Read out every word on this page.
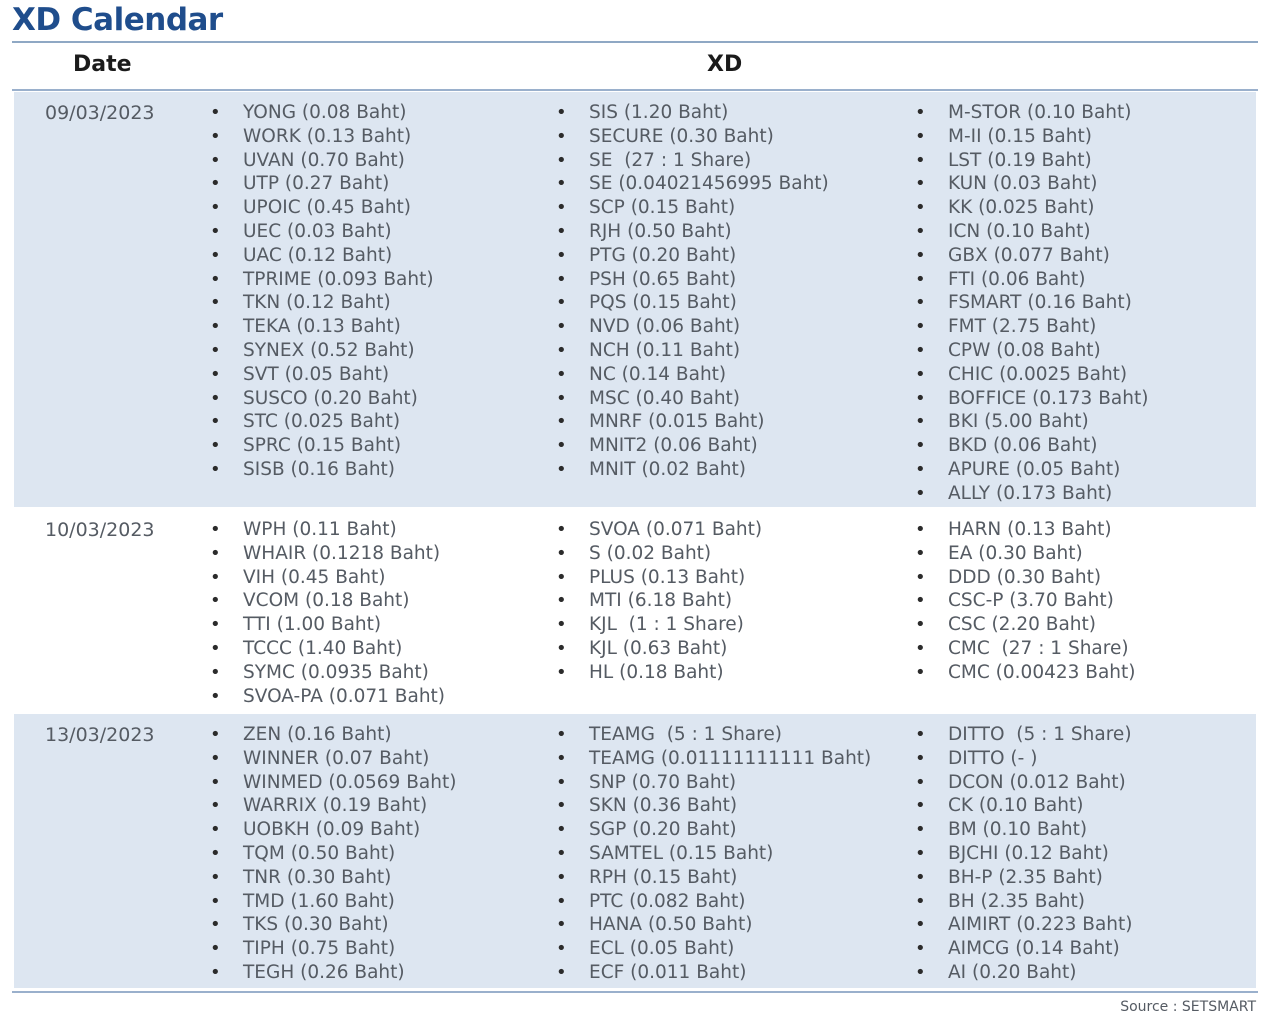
XD Calendar
Date	XD
09/03/2023	• YONG (0.08 Baht)
• WORK (0.13 Baht)
• UVAN (0.70 Baht)
• UTP (0.27 Baht)
• UPOIC (0.45 Baht)
• UEC (0.03 Baht)
• UAC (0.12 Baht)
• TPRIME (0.093 Baht)
• TKN (0.12 Baht)
• TEKA (0.13 Baht)
• SYNEX (0.52 Baht)
• SVT (0.05 Baht)
• SUSCO (0.20 Baht)
• STC (0.025 Baht)
• SPRC (0.15 Baht)
• SISB (0.16 Baht)
• SIS (1.20 Baht)
• SECURE (0.30 Baht)
• SE  (27 : 1 Share)
• SE (0.04021456995 Baht)
• SCP (0.15 Baht)
• RJH (0.50 Baht)
• PTG (0.20 Baht)
• PSH (0.65 Baht)
• PQS (0.15 Baht)
• NVD (0.06 Baht)
• NCH (0.11 Baht)
• NC (0.14 Baht)
• MSC (0.40 Baht)
• MNRF (0.015 Baht)
• MNIT2 (0.06 Baht)
• MNIT (0.02 Baht)
• M-STOR (0.10 Baht)
• M-II (0.15 Baht)
• LST (0.19 Baht)
• KUN (0.03 Baht)
• KK (0.025 Baht)
• ICN (0.10 Baht)
• GBX (0.077 Baht)
• FTI (0.06 Baht)
• FSMART (0.16 Baht)
• FMT (2.75 Baht)
• CPW (0.08 Baht)
• CHIC (0.0025 Baht)
• BOFFICE (0.173 Baht)
• BKI (5.00 Baht)
• BKD (0.06 Baht)
• APURE (0.05 Baht)
• ALLY (0.173 Baht)
10/03/2023	• WPH (0.11 Baht)
• WHAIR (0.1218 Baht)
• VIH (0.45 Baht)
• VCOM (0.18 Baht)
• TTI (1.00 Baht)
• TCCC (1.40 Baht)
• SYMC (0.0935 Baht)
• SVOA-PA (0.071 Baht)
• SVOA (0.071 Baht)
• S (0.02 Baht)
• PLUS (0.13 Baht)
• MTI (6.18 Baht)
• KJL  (1 : 1 Share)
• KJL (0.63 Baht)
• HL (0.18 Baht)
• HARN (0.13 Baht)
• EA (0.30 Baht)
• DDD (0.30 Baht)
• CSC-P (3.70 Baht)
• CSC (2.20 Baht)
• CMC  (27 : 1 Share)
• CMC (0.00423 Baht)
13/03/2023	• ZEN (0.16 Baht)
• WINNER (0.07 Baht)
• WINMED (0.0569 Baht)
• WARRIX (0.19 Baht)
• UOBKH (0.09 Baht)
• TQM (0.50 Baht)
• TNR (0.30 Baht)
• TMD (1.60 Baht)
• TKS (0.30 Baht)
• TIPH (0.75 Baht)
• TEGH (0.26 Baht)
• TEAMG  (5 : 1 Share)
• TEAMG (0.01111111111 Baht)
• SNP (0.70 Baht)
• SKN (0.36 Baht)
• SGP (0.20 Baht)
• SAMTEL (0.15 Baht)
• RPH (0.15 Baht)
• PTC (0.082 Baht)
• HANA (0.50 Baht)
• ECL (0.05 Baht)
• ECF (0.011 Baht)
• DITTO  (5 : 1 Share)
• DITTO (- )
• DCON (0.012 Baht)
• CK (0.10 Baht)
• BM (0.10 Baht)
• BJCHI (0.12 Baht)
• BH-P (2.35 Baht)
• BH (2.35 Baht)
• AIMIRT (0.223 Baht)
• AIMCG (0.14 Baht)
• AI (0.20 Baht)
Source : SETSMART
